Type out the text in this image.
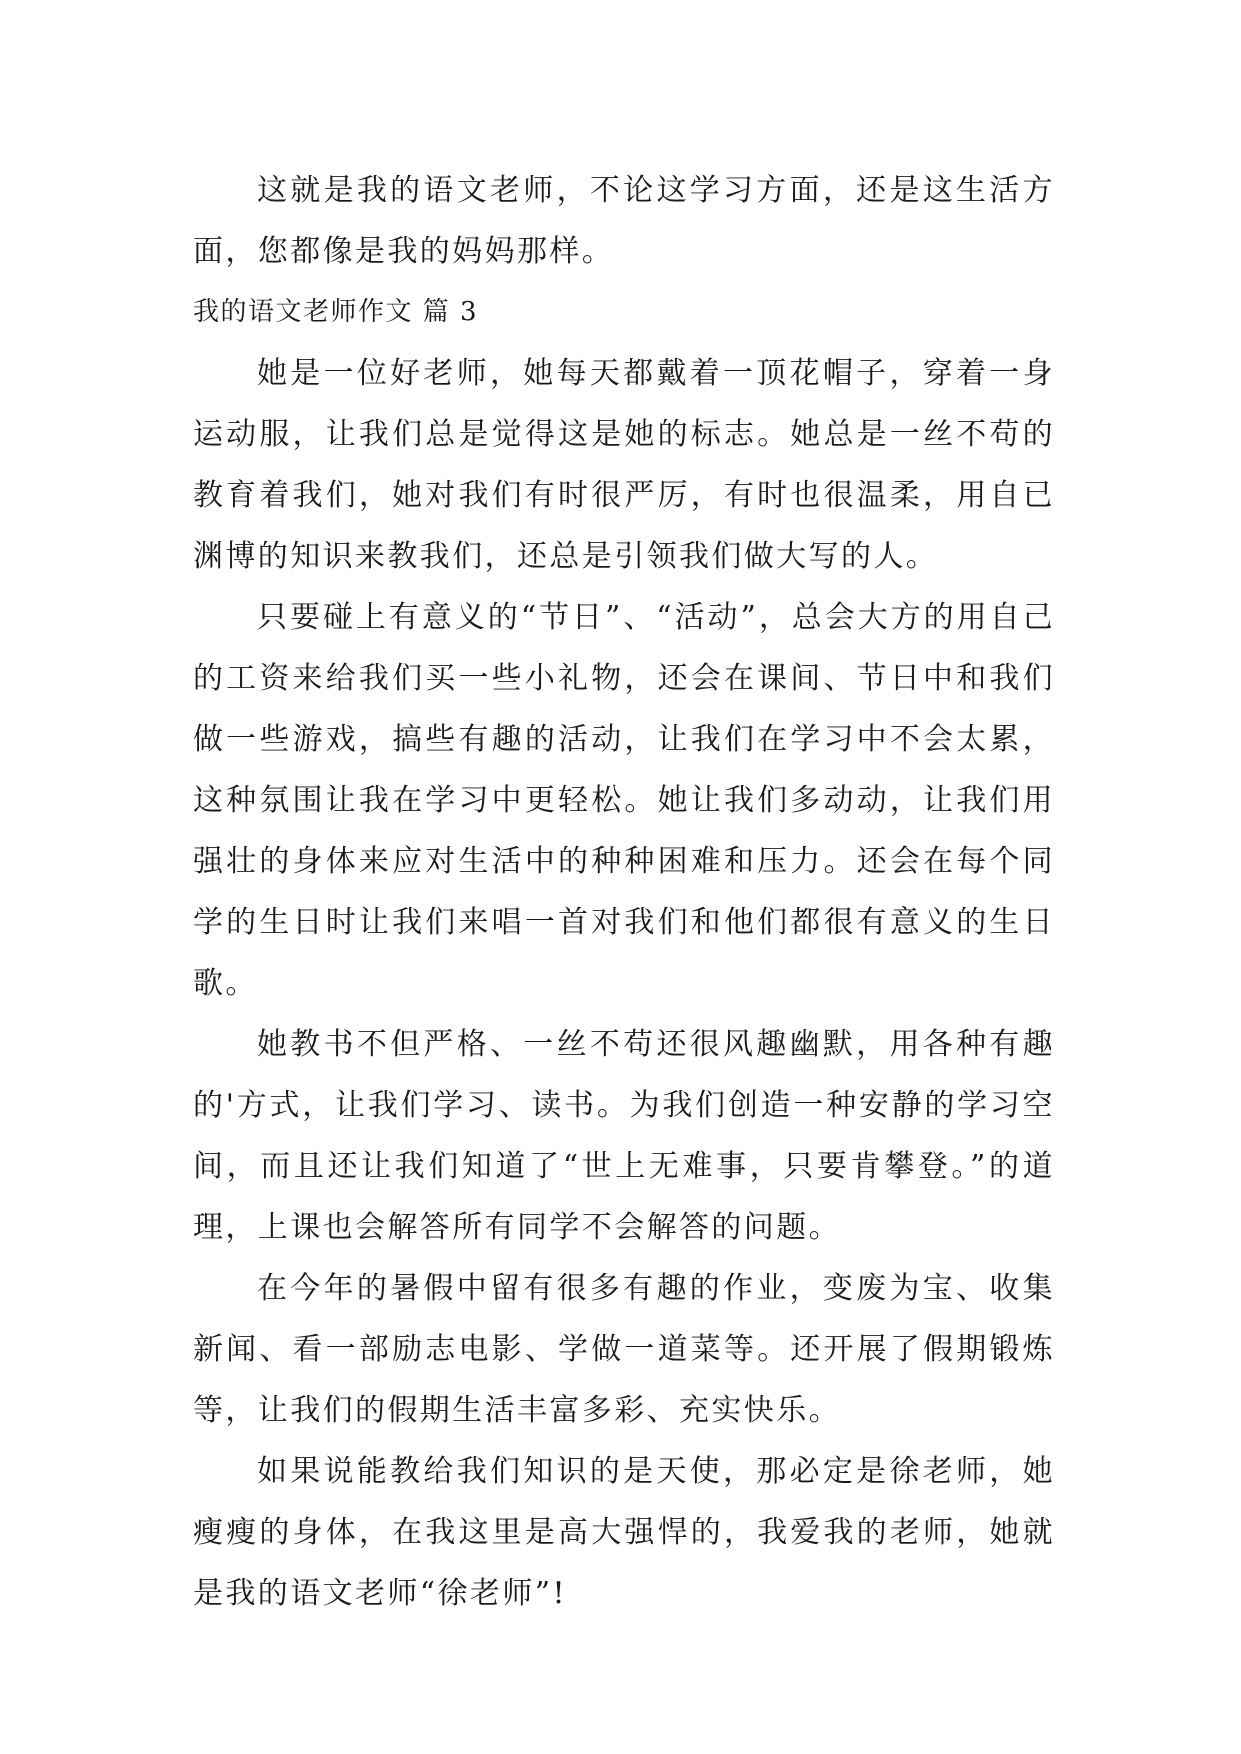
这就是我的语文老师，不论这学习方面，还是这生活方面，您都像是我的妈妈那样。

我的语文老师作文 篇 3

她是一位好老师，她每天都戴着一顶花帽子，穿着一身运动服，让我们总是觉得这是她的标志。她总是一丝不苟的教育着我们，她对我们有时很严厉，有时也很温柔，用自已渊博的知识来教我们，还总是引领我们做大写的人。

只要碰上有意义的“节日”、“活动”，总会大方的用自己的工资来给我们买一些小礼物，还会在课间、节日中和我们做一些游戏，搞些有趣的活动，让我们在学习中不会太累，这种氛围让我在学习中更轻松。她让我们多动动，让我们用强壮的身体来应对生活中的种种困难和压力。还会在每个同学的生日时让我们来唱一首对我们和他们都很有意义的生日歌。

她教书不但严格、一丝不苟还很风趣幽默，用各种有趣的'方式，让我们学习、读书。为我们创造一种安静的学习空间，而且还让我们知道了“世上无难事，只要肯攀登。”的道理，上课也会解答所有同学不会解答的问题。

在今年的暑假中留有很多有趣的作业，变废为宝、收集新闻、看一部励志电影、学做一道菜等。还开展了假期锻炼等，让我们的假期生活丰富多彩、充实快乐。

如果说能教给我们知识的是天使，那必定是徐老师，她瘦瘦的身体，在我这里是高大强悍的，我爱我的老师，她就是我的语文老师“徐老师”!
